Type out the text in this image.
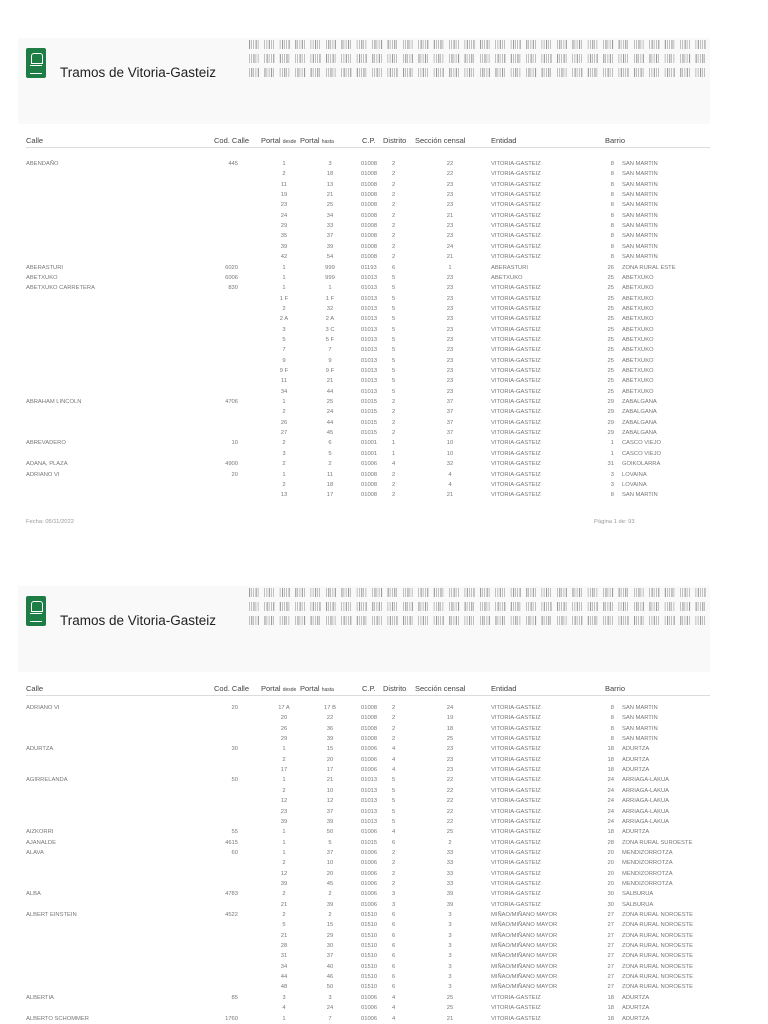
Tramos de Vitoria-Gasteiz
Calle	Cod. Calle Portal desde Portal hasta	C.P. Distrito Sección censal	Entidad	Barrio
ABENDAÑO	445	1	3	01008	2	22	VITORIA-GASTEIZ	8 SAN MARTIN
2	18	01008	2	22	VITORIA-GASTEIZ	8 SAN MARTIN
11	13	01008	2	23	VITORIA-GASTEIZ	8 SAN MARTIN
19	21	01008	2	23	VITORIA-GASTEIZ	8 SAN MARTIN
23	25	01008	2	23	VITORIA-GASTEIZ	8 SAN MARTIN
24	34	01008	2	21	VITORIA-GASTEIZ	8 SAN MARTIN
29	33	01008	2	23	VITORIA-GASTEIZ	8 SAN MARTIN
35	37	01008	2	23	VITORIA-GASTEIZ	8 SAN MARTIN
39	39	01008	2	24	VITORIA-GASTEIZ	8 SAN MARTIN
42	54	01008	2	21	VITORIA-GASTEIZ	8 SAN MARTIN
ABERASTURI	6020	1	999	01193	6	1	ABERASTURI	26 ZONA RURAL ESTE
ABETXUKO	6006	1	999	01013	5	23	ABETXUKO	25 ABETXUKO
ABETXUKO CARRETERA	830	1	1	01013	5	23	VITORIA-GASTEIZ	25 ABETXUKO
1 F	1 F	01013	5	23	VITORIA-GASTEIZ	25 ABETXUKO
2	32	01013	5	23	VITORIA-GASTEIZ	25 ABETXUKO
2 A	2 A	01013	5	23	VITORIA-GASTEIZ	25 ABETXUKO
3	3 C	01013	5	23	VITORIA-GASTEIZ	25 ABETXUKO
5	5 F	01013	5	23	VITORIA-GASTEIZ	25 ABETXUKO
7	7	01013	5	23	VITORIA-GASTEIZ	25 ABETXUKO
9	9	01013	5	23	VITORIA-GASTEIZ	25 ABETXUKO
9 F	9 F	01013	5	23	VITORIA-GASTEIZ	25 ABETXUKO
11	21	01013	5	23	VITORIA-GASTEIZ	25 ABETXUKO
34	44	01013	5	23	VITORIA-GASTEIZ	25 ABETXUKO
ABRAHAM LINCOLN	4706	1	25	01015	2	37	VITORIA-GASTEIZ	29 ZABALGANA
2	24	01015	2	37	VITORIA-GASTEIZ	29 ZABALGANA
26	44	01015	2	37	VITORIA-GASTEIZ	29 ZABALGANA
27	45	01015	2	37	VITORIA-GASTEIZ	29 ZABALGANA
ABREVADERO	10	2	6	01001	1	10	VITORIA-GASTEIZ	1 CASCO VIEJO
3	5	01001	1	10	VITORIA-GASTEIZ	1 CASCO VIEJO
ADANA, PLAZA	4900	2	2	01006	4	32	VITORIA-GASTEIZ	31 GOIKOLARRA
ADRIANO VI	20	1	11	01008	2	4	VITORIA-GASTEIZ	3 LOVAINA
2	18	01008	2	4	VITORIA-GASTEIZ	3 LOVAINA
13	17	01008	2	21	VITORIA-GASTEIZ	8 SAN MARTIN
Fecha: 05/11/2022	Página 1 de: 93
Tramos de Vitoria-Gasteiz
Calle	Cod. Calle Portal desde Portal hasta	C.P. Distrito Sección censal	Entidad	Barrio
ADRIANO VI	20	17 A	17 B	01008	2	24	VITORIA-GASTEIZ	8 SAN MARTIN
20	22	01008	2	19	VITORIA-GASTEIZ	8 SAN MARTIN
26	36	01008	2	18	VITORIA-GASTEIZ	8 SAN MARTIN
29	39	01008	2	25	VITORIA-GASTEIZ	8 SAN MARTIN
ADURTZA	30	1	15	01006	4	23	VITORIA-GASTEIZ	18 ADURTZA
2	20	01006	4	23	VITORIA-GASTEIZ	18 ADURTZA
17	17	01006	4	23	VITORIA-GASTEIZ	18 ADURTZA
AGIRRELANDA	50	1	21	01013	5	22	VITORIA-GASTEIZ	24 ARRIAGA-LAKUA
2	10	01013	5	22	VITORIA-GASTEIZ	24 ARRIAGA-LAKUA
12	12	01013	5	22	VITORIA-GASTEIZ	24 ARRIAGA-LAKUA
23	37	01013	5	22	VITORIA-GASTEIZ	24 ARRIAGA-LAKUA
39	39	01013	5	22	VITORIA-GASTEIZ	24 ARRIAGA-LAKUA
AIZKORRI	55	1	50	01006	4	25	VITORIA-GASTEIZ	18 ADURTZA
AJANALDE	4615	1	5	01015	6	2	VITORIA-GASTEIZ	28 ZONA RURAL SUROESTE
ALAVA	60	1	37	01006	2	33	VITORIA-GASTEIZ	20 MENDIZORROTZA
2	10	01006	2	33	VITORIA-GASTEIZ	20 MENDIZORROTZA
12	20	01006	2	33	VITORIA-GASTEIZ	20 MENDIZORROTZA
39	45	01006	2	33	VITORIA-GASTEIZ	20 MENDIZORROTZA
ALBA	4783	2	2	01006	3	39	VITORIA-GASTEIZ	30 SALBURUA
21	39	01006	3	39	VITORIA-GASTEIZ	30 SALBURUA
ALBERT EINSTEIN	4522	2	2	01510	6	3	MIÑAO/MIÑANO MAYOR	27 ZONA RURAL NOROESTE
5	15	01510	6	3	MIÑAO/MIÑANO MAYOR	27 ZONA RURAL NOROESTE
21	29	01510	6	3	MIÑAO/MIÑANO MAYOR	27 ZONA RURAL NOROESTE
28	30	01510	6	3	MIÑAO/MIÑANO MAYOR	27 ZONA RURAL NOROESTE
31	37	01510	6	3	MIÑAO/MIÑANO MAYOR	27 ZONA RURAL NOROESTE
34	40	01510	6	3	MIÑAO/MIÑANO MAYOR	27 ZONA RURAL NOROESTE
44	46	01510	6	3	MIÑAO/MIÑANO MAYOR	27 ZONA RURAL NOROESTE
48	50	01510	6	3	MIÑAO/MIÑANO MAYOR	27 ZONA RURAL NOROESTE
ALBERTIA	85	3	3	01006	4	25	VITORIA-GASTEIZ	18 ADURTZA
4	24	01006	4	25	VITORIA-GASTEIZ	18 ADURTZA
ALBERTO SCHOMMER	1760	1	7	01006	4	21	VITORIA-GASTEIZ	18 ADURTZA
